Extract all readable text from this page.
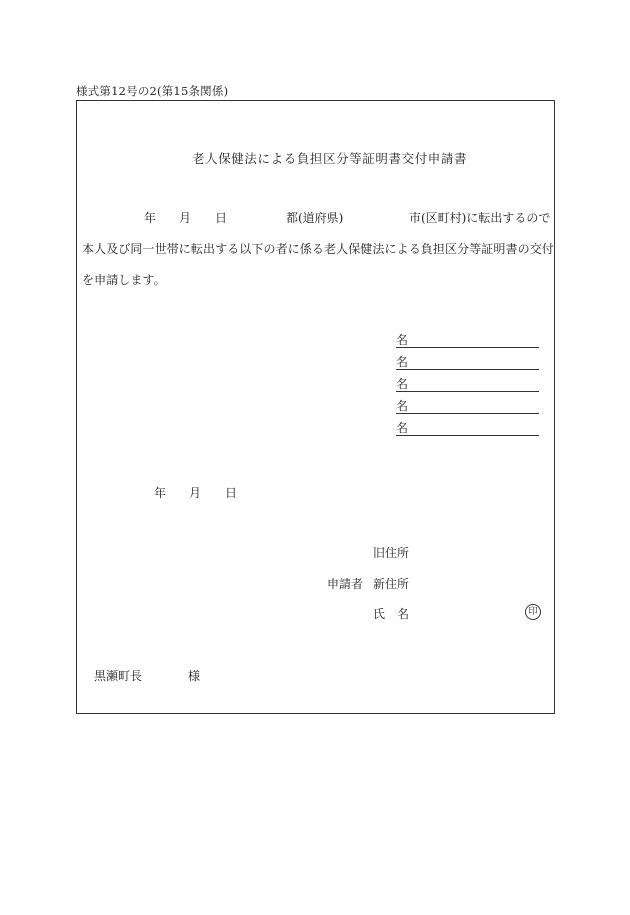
様式第12号の2(第15条関係)
老人保健法による負担区分等証明書交付申請書
年 月 日	都(道府県)	市(区町村)に転出するので
本人及び同一世帯に転出する以下の者に係る老人保健法による負担区分等証明書の交付
を申請します。
名
名
名
名
名
年 月 日
旧住所
申請者 新住所
氏 名	印
黒瀬町長	様
